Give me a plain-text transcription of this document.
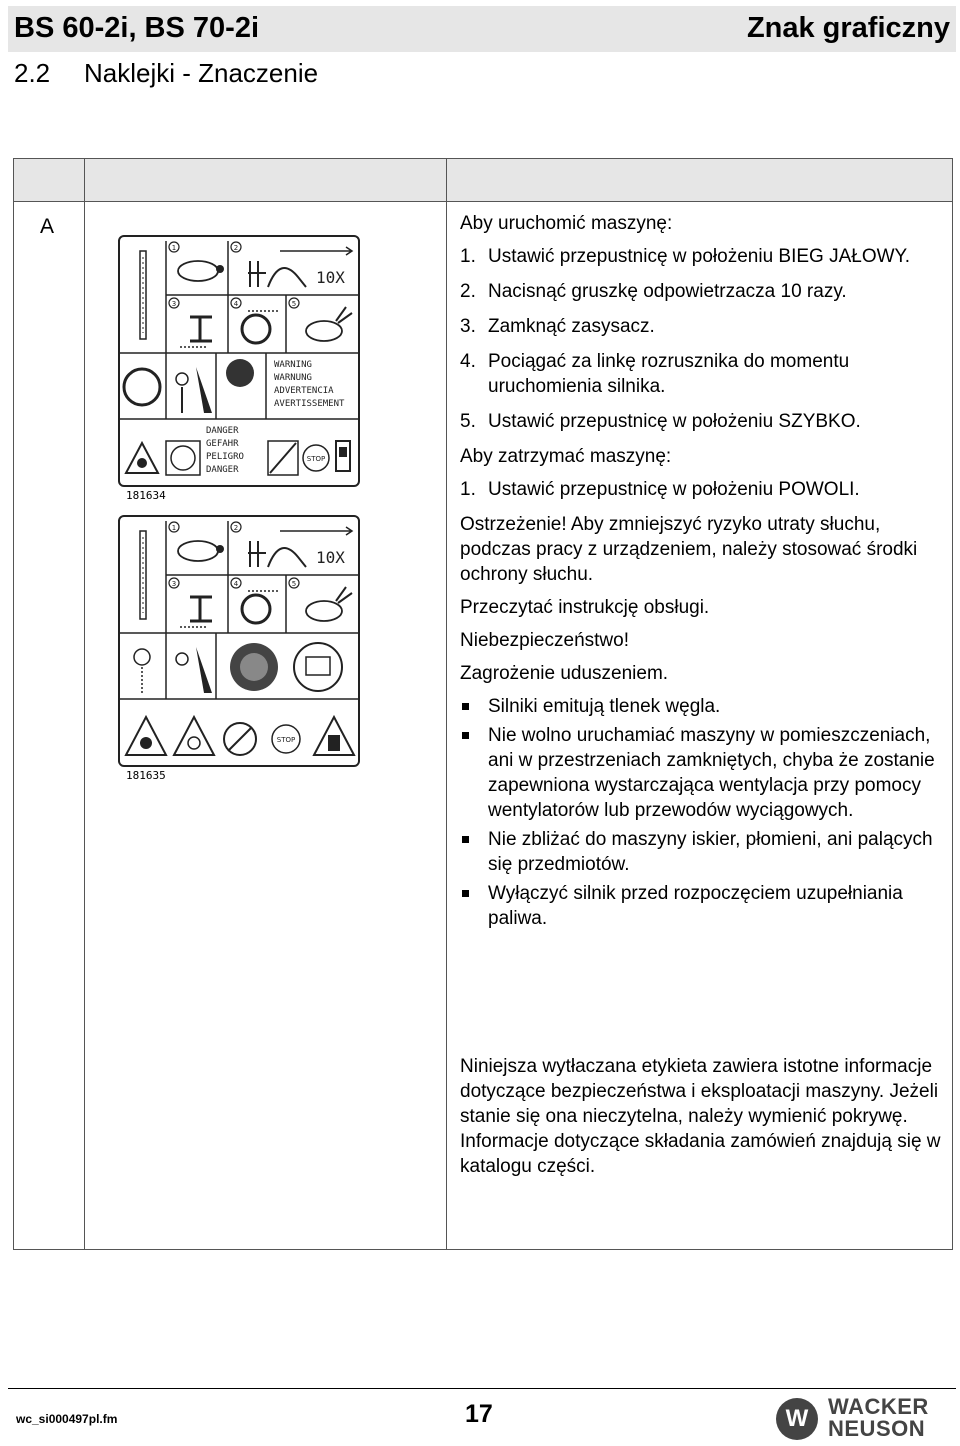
BS 60-2i, BS 70-2i	Znak graficzny
2.2 Naklejki - Znaczenie
A
1	2
3	4	5
10X
WARNING
WARNUNG
ADVERTENCIA
AVERTISSEMENT
DANGER
GEFAHR
PELIGRO
DANGER
STOP
181634
1	2
3	4	5
10X
STOP
181635

Aby uruchomić maszynę:

1. Ustawić przepustnicę w położeniu BIEG JAŁOWY.
2. Nacisnąć gruszkę odpowietrzacza 10 razy.
3. Zamknąć zasysacz.
4. Pociągać za linkę rozrusznika do momentu uruchomienia silnika.
5. Ustawić przepustnicę w położeniu SZYBKO.

Aby zatrzymać maszynę:

1. Ustawić przepustnicę w położeniu POWOLI.

Ostrzeżenie! Aby zmniejszyć ryzyko utraty słuchu, podczas pracy z urządzeniem, należy stosować środki ochrony słuchu.

Przeczytać instrukcję obsługi.

Niebezpieczeństwo!

Zagrożenie uduszeniem.

Silniki emitują tlenek węgla.
Nie wolno uruchamiać maszyny w pomieszczeniach, ani w przestrzeniach zamkniętych, chyba że zostanie zapewniona wystarczająca wentylacja przy pomocy wentylatorów lub przewodów wyciągowych.
Nie zbliżać do maszyny iskier, płomieni, ani palących się przedmiotów.
Wyłączyć silnik przed rozpoczęciem uzupełniania paliwa.
Niniejsza wytłaczana etykieta zawiera istotne informacje dotyczące bezpieczeństwa i eksploatacji maszyny. Jeżeli stanie się ona nieczytelna, należy wymienić pokrywę. Informacje dotyczące składania zamówień znajdują się w katalogu części.
wc_si000497pl.fm	17	W WACKER
NEUSON
